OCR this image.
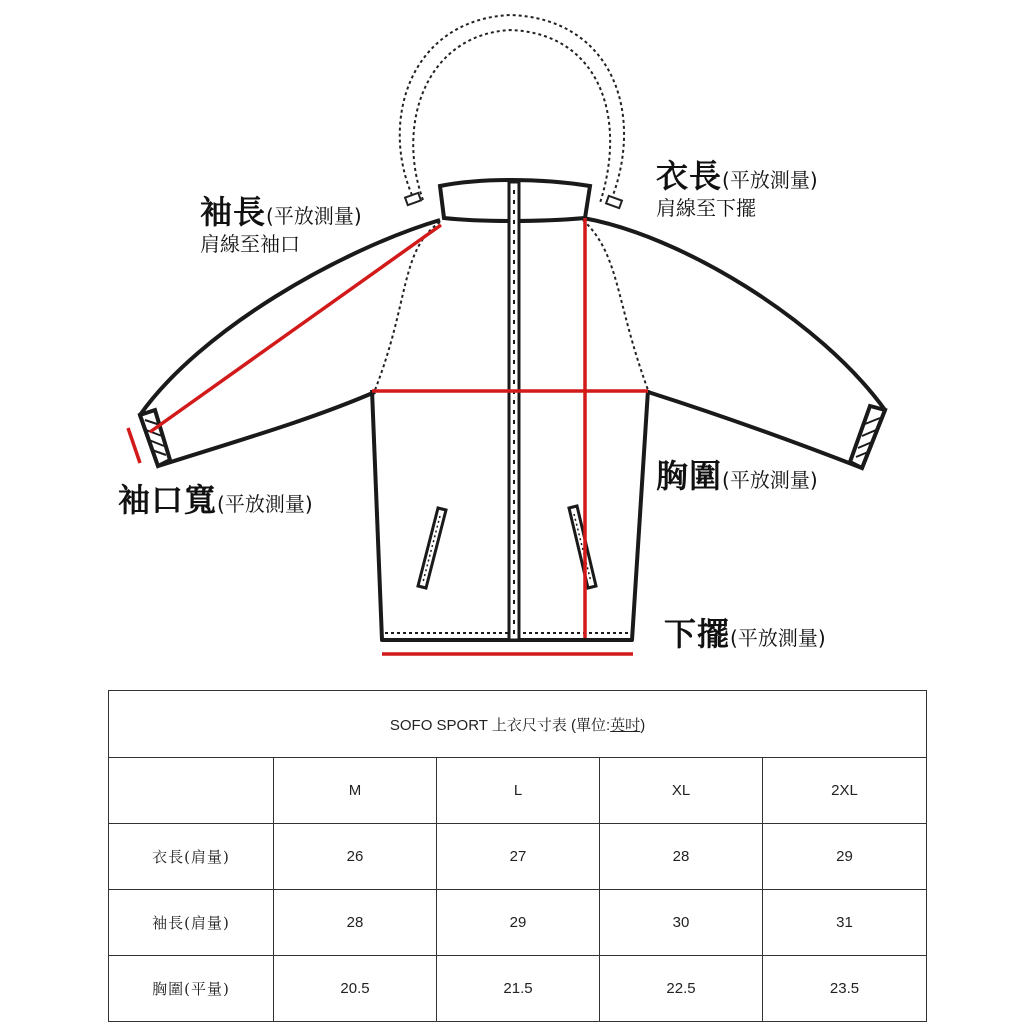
袖長(平放測量)
肩線至袖口
衣長(平放測量)
肩線至下擺
袖口寬(平放測量)
胸圍(平放測量)
下擺(平放測量)
SOFO SPORT 上衣尺寸表 (單位:英吋)				
	M	L	XL	2XL
衣長(肩量)	26	27	28	29
袖長(肩量)	28	29	30	31
胸圍(平量)	20.5	21.5	22.5	23.5
